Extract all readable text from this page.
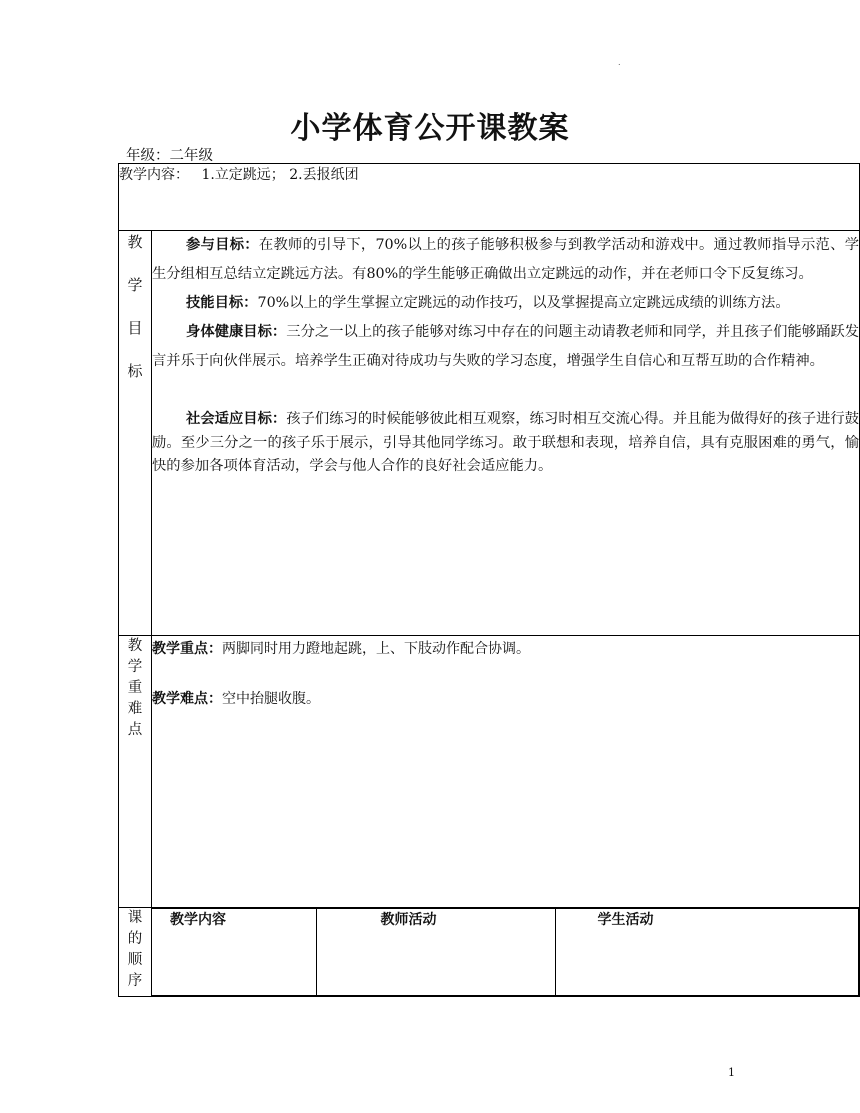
.
小学体育公开课教案
年级：二年级
教学内容： 1.立定跳远； 2.丢报纸团

教
学
目
标

参与目标：在教师的引导下，70%以上的孩子能够积极参与到教学活动和游戏中。通过教师指导示范、学生分组相互总结立定跳远方法。有80%的学生能够正确做出立定跳远的动作，并在老师口令下反复练习。

技能目标：70%以上的学生掌握立定跳远的动作技巧，以及掌握提高立定跳远成绩的训练方法。

身体健康目标：三分之一以上的孩子能够对练习中存在的问题主动请教老师和同学，并且孩子们能够踊跃发言并乐于向伙伴展示。培养学生正确对待成功与失败的学习态度，增强学生自信心和互帮互助的合作精神。

社会适应目标：孩子们练习的时候能够彼此相互观察，练习时相互交流心得。并且能为做得好的孩子进行鼓励。至少三分之一的孩子乐于展示，引导其他同学练习。敢于联想和表现，培养自信，具有克服困难的勇气，愉快的参加各项体育活动，学会与他人合作的良好社会适应能力。

教
学
重
难
点

教学重点：两脚同时用力蹬地起跳，上、下肢动作配合协调。

教学难点：空中抬腿收腹。

课
的
顺
序

教学内容	教师活动	学生活动
1
